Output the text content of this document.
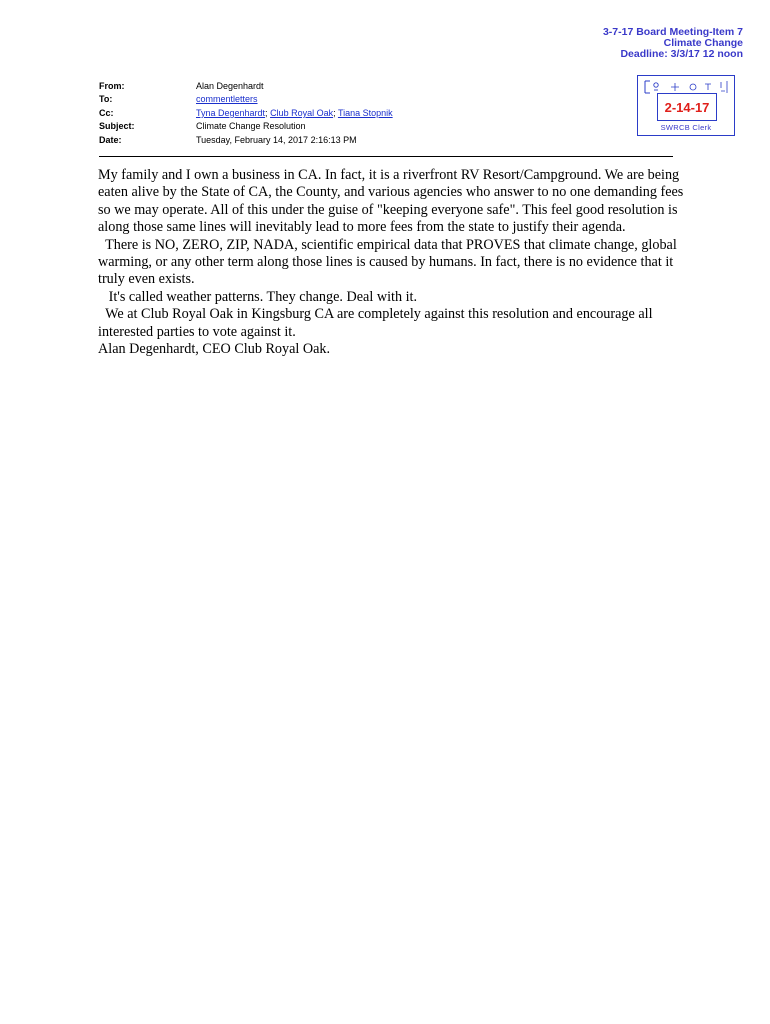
3-7-17 Board Meeting-Item 7
Climate Change
Deadline: 3/3/17 12 noon
2-14-17
SWRCB Clerk
From:	Alan Degenhardt
To:	commentletters
Cc:	Tyna Degenhardt; Club Royal Oak; Tiana Stopnik
Subject:	Climate Change Resolution
Date:	Tuesday, February 14, 2017 2:16:13 PM

My family and I own a business in CA. In fact, it is a riverfront RV Resort/Campground. We are being eaten alive by the State of CA, the County, and various agencies who answer to no one demanding fees so we may operate. All of this under the guise of "keeping everyone safe". This feel good resolution is along those same lines will inevitably lead to more fees from the state to justify their agenda.

There is NO, ZERO, ZIP, NADA, scientific empirical data that PROVES that climate change, global warming, or any other term along those lines is caused by humans. In fact, there is no evidence that it truly even exists.

It's called weather patterns. They change. Deal with it.

We at Club Royal Oak in Kingsburg CA are completely against this resolution and encourage all interested parties to vote against it.

Alan Degenhardt, CEO Club Royal Oak.
